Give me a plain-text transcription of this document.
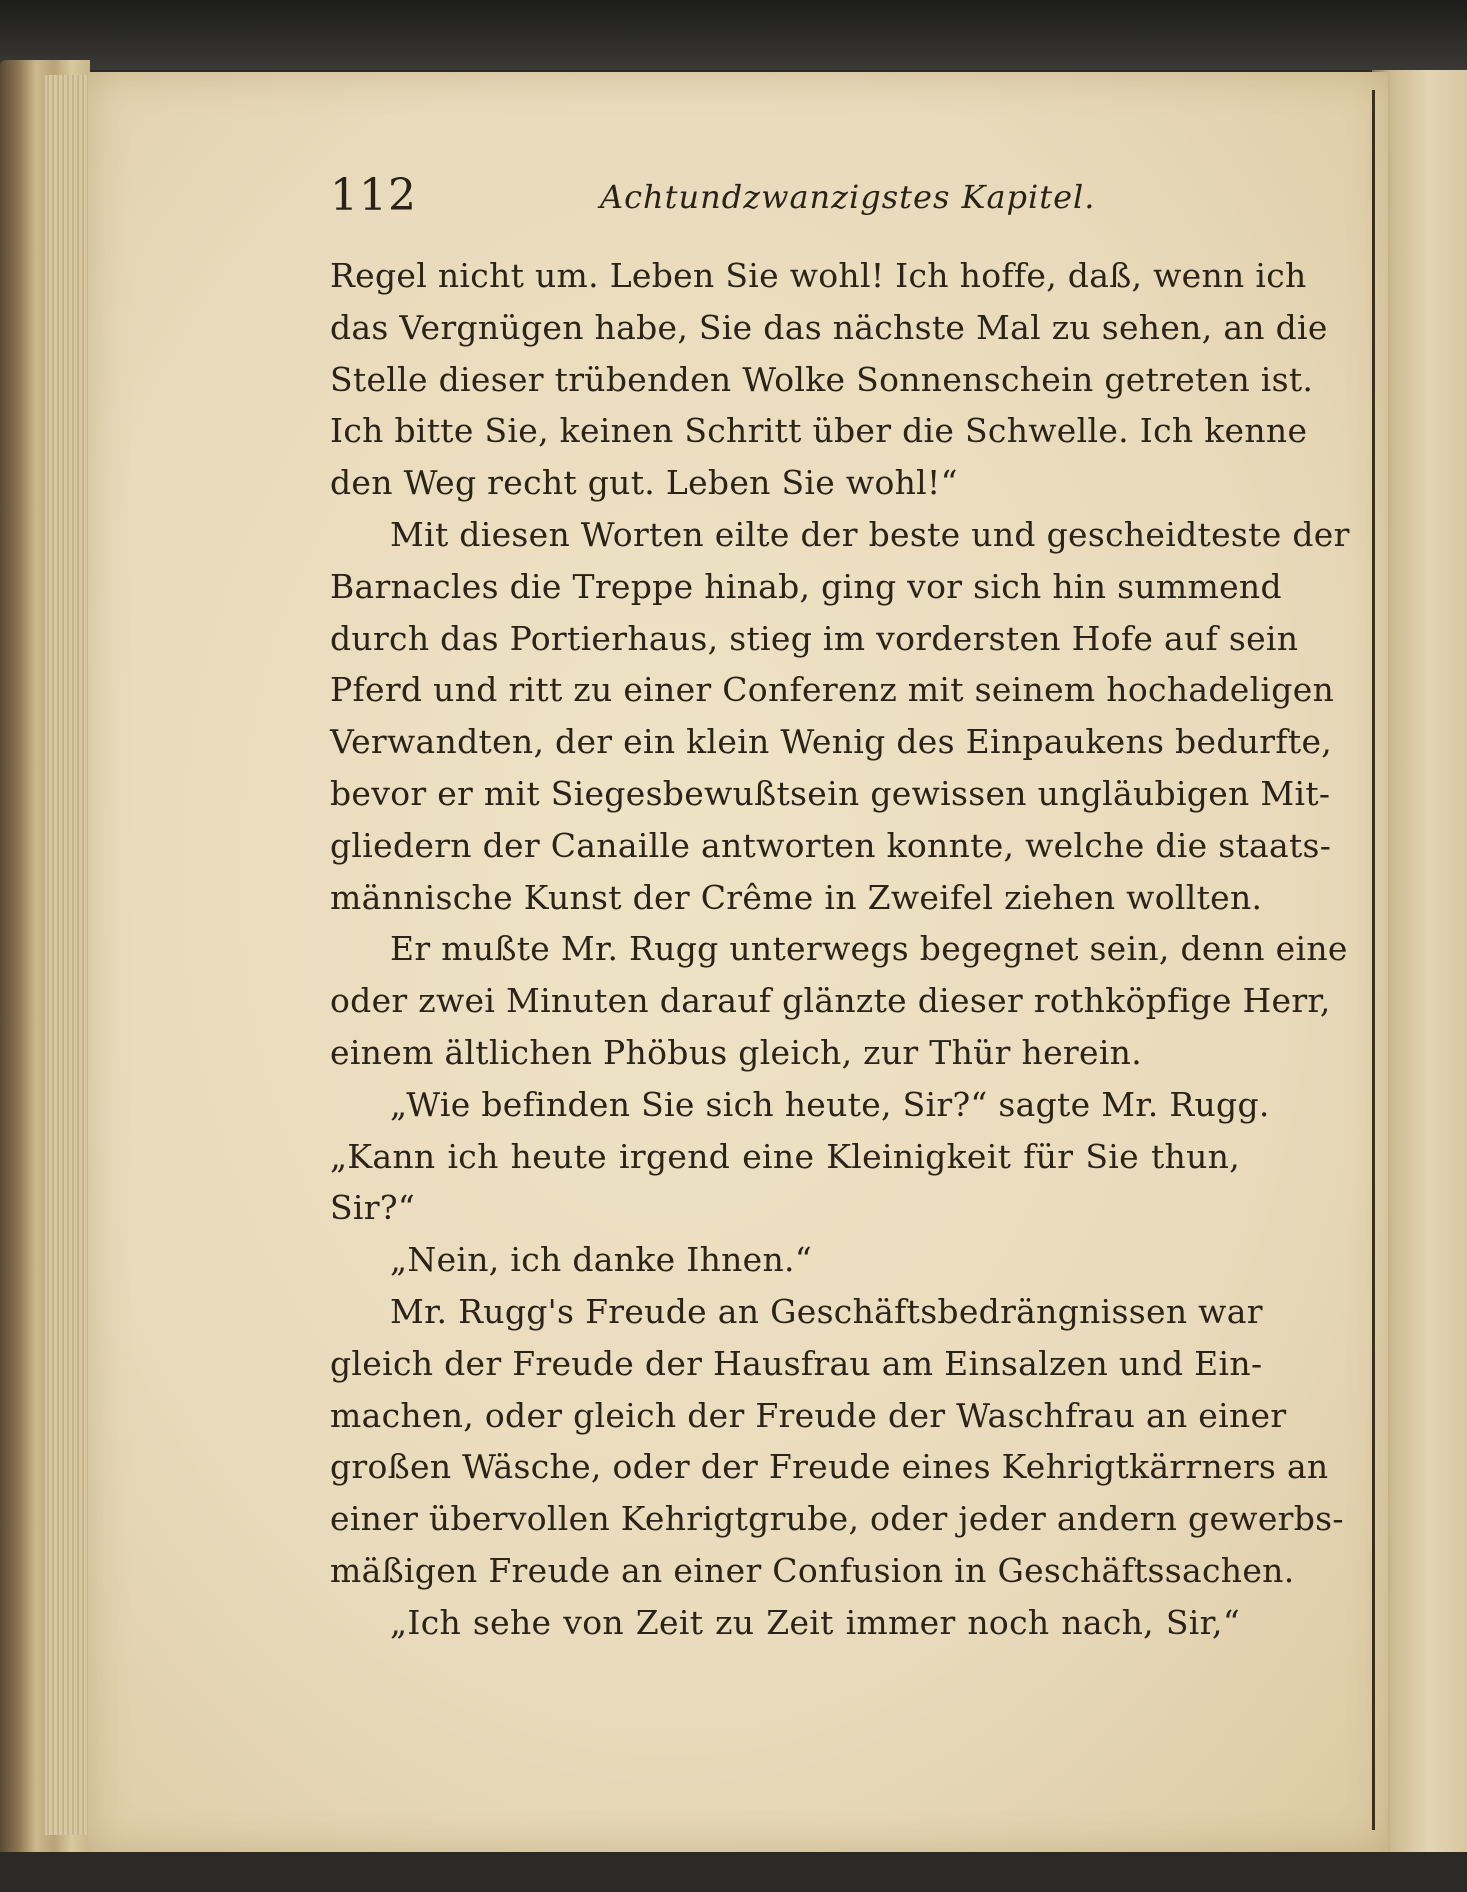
112	Achtundzwanzigstes Kapitel.
Regel nicht um. Leben Sie wohl! Ich hoffe, daß, wenn ich
das Vergnügen habe, Sie das nächste Mal zu sehen, an die
Stelle dieser trübenden Wolke Sonnenschein getreten ist.
Ich bitte Sie, keinen Schritt über die Schwelle. Ich kenne
den Weg recht gut. Leben Sie wohl!“
Mit diesen Worten eilte der beste und gescheidteste der
Barnacles die Treppe hinab, ging vor sich hin summend
durch das Portierhaus, stieg im vordersten Hofe auf sein
Pferd und ritt zu einer Conferenz mit seinem hochadeligen
Verwandten, der ein klein Wenig des Einpaukens bedurfte,
bevor er mit Siegesbewußtsein gewissen ungläubigen Mit-
gliedern der Canaille antworten konnte, welche die staats-
männische Kunst der Crême in Zweifel ziehen wollten.
Er mußte Mr. Rugg unterwegs begegnet sein, denn eine
oder zwei Minuten darauf glänzte dieser rothköpfige Herr,
einem ältlichen Phöbus gleich, zur Thür herein.
„Wie befinden Sie sich heute, Sir?“ sagte Mr. Rugg.
„Kann ich heute irgend eine Kleinigkeit für Sie thun,
Sir?“
„Nein, ich danke Ihnen.“
Mr. Rugg's Freude an Geschäftsbedrängnissen war
gleich der Freude der Hausfrau am Einsalzen und Ein-
machen, oder gleich der Freude der Waschfrau an einer
großen Wäsche, oder der Freude eines Kehrigtkärrners an
einer übervollen Kehrigtgrube, oder jeder andern gewerbs-
mäßigen Freude an einer Confusion in Geschäftssachen.
„Ich sehe von Zeit zu Zeit immer noch nach, Sir,“
